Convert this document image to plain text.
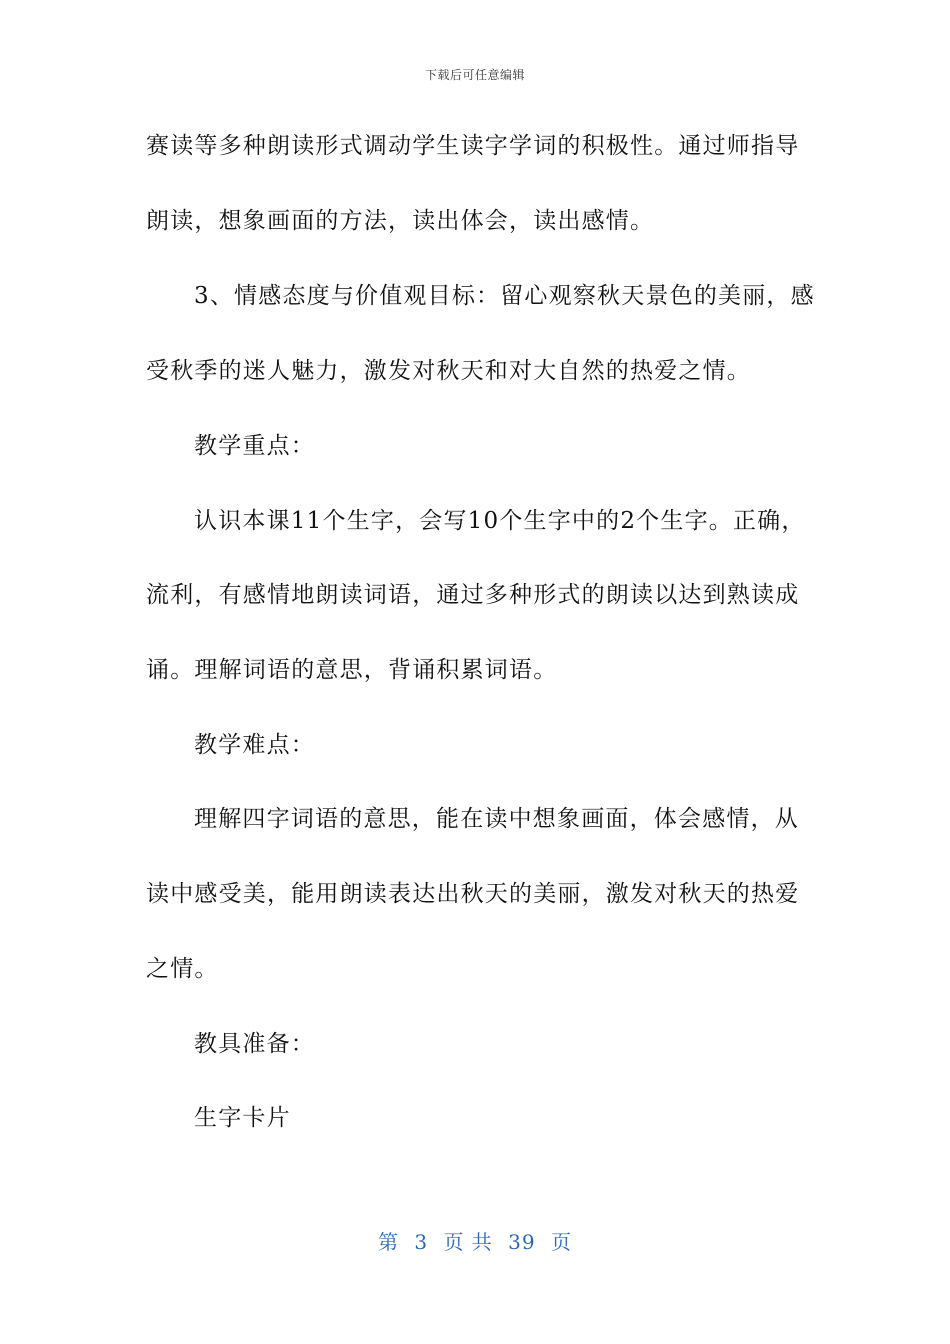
下载后可任意编辑
赛读等多种朗读形式调动学生读字学词的积极性。通过师指导
朗读，想象画面的方法，读出体会，读出感情。
3、情感态度与价值观目标：留心观察秋天景色的美丽，感
受秋季的迷人魅力，激发对秋天和对大自然的热爱之情。
教学重点：
认识本课11个生字，会写10个生字中的2个生字。正确，
流利，有感情地朗读词语，通过多种形式的朗读以达到熟读成
诵。理解词语的意思，背诵积累词语。
教学难点：
理解四字词语的意思，能在读中想象画面，体会感情，从
读中感受美，能用朗读表达出秋天的美丽，激发对秋天的热爱
之情。
教具准备：
生字卡片
第 3 页 共 39 页
